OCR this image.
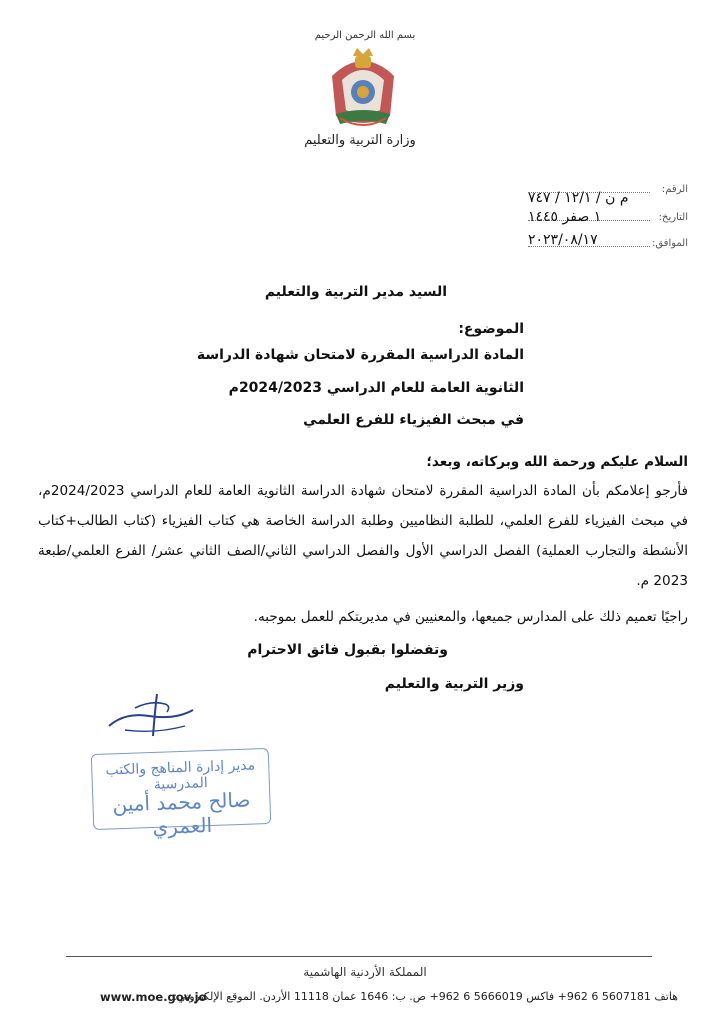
بسم الله الرحمن الرحيم
وزارة التربية والتعليم
الرقم:
م ن / ١٢/١ / ٧٤٧
التاريخ:
١ صفر ١٤٤٥
الموافق:
٢٠٢٣/٠٨/١٧
السيد مدير التربية والتعليم
الموضوع:
المادة الدراسية المقررة لامتحان شهادة الدراسة
الثانوية العامة للعام الدراسي 2024/2023م
في مبحث الفيزياء للفرع العلمي
السلام عليكم ورحمة الله وبركاته، وبعد؛
فأرجو إعلامكم بأن المادة الدراسية المقررة لامتحان شهادة الدراسة الثانوية العامة للعام الدراسي 2024/2023م، في مبحث الفيزياء للفرع العلمي، للطلبة النظاميين وطلبة الدراسة الخاصة هي كتاب الفيزياء (كتاب الطالب+كتاب الأنشطة والتجارب العملية) الفصل الدراسي الأول والفصل الدراسي الثاني/الصف الثاني عشر/ الفرع العلمي/طبعة 2023 م.
راجيًا تعميم ذلك على المدارس جميعها، والمعنيين في مديريتكم للعمل بموجبه.
وتفضلوا بقبول فائق الاحترام
وزير التربية والتعليم
مدير إدارة المناهج والكتب المدرسية
صالح محمد أمين العمري
المملكة الأردنية الهاشمية
هاتف 5607181 6 962+ فاكس 5666019 6 962+ ص. ب: 1646 عمان 11118 الأردن. الموقع الإلكتروني:
www.moe.gov.jo
